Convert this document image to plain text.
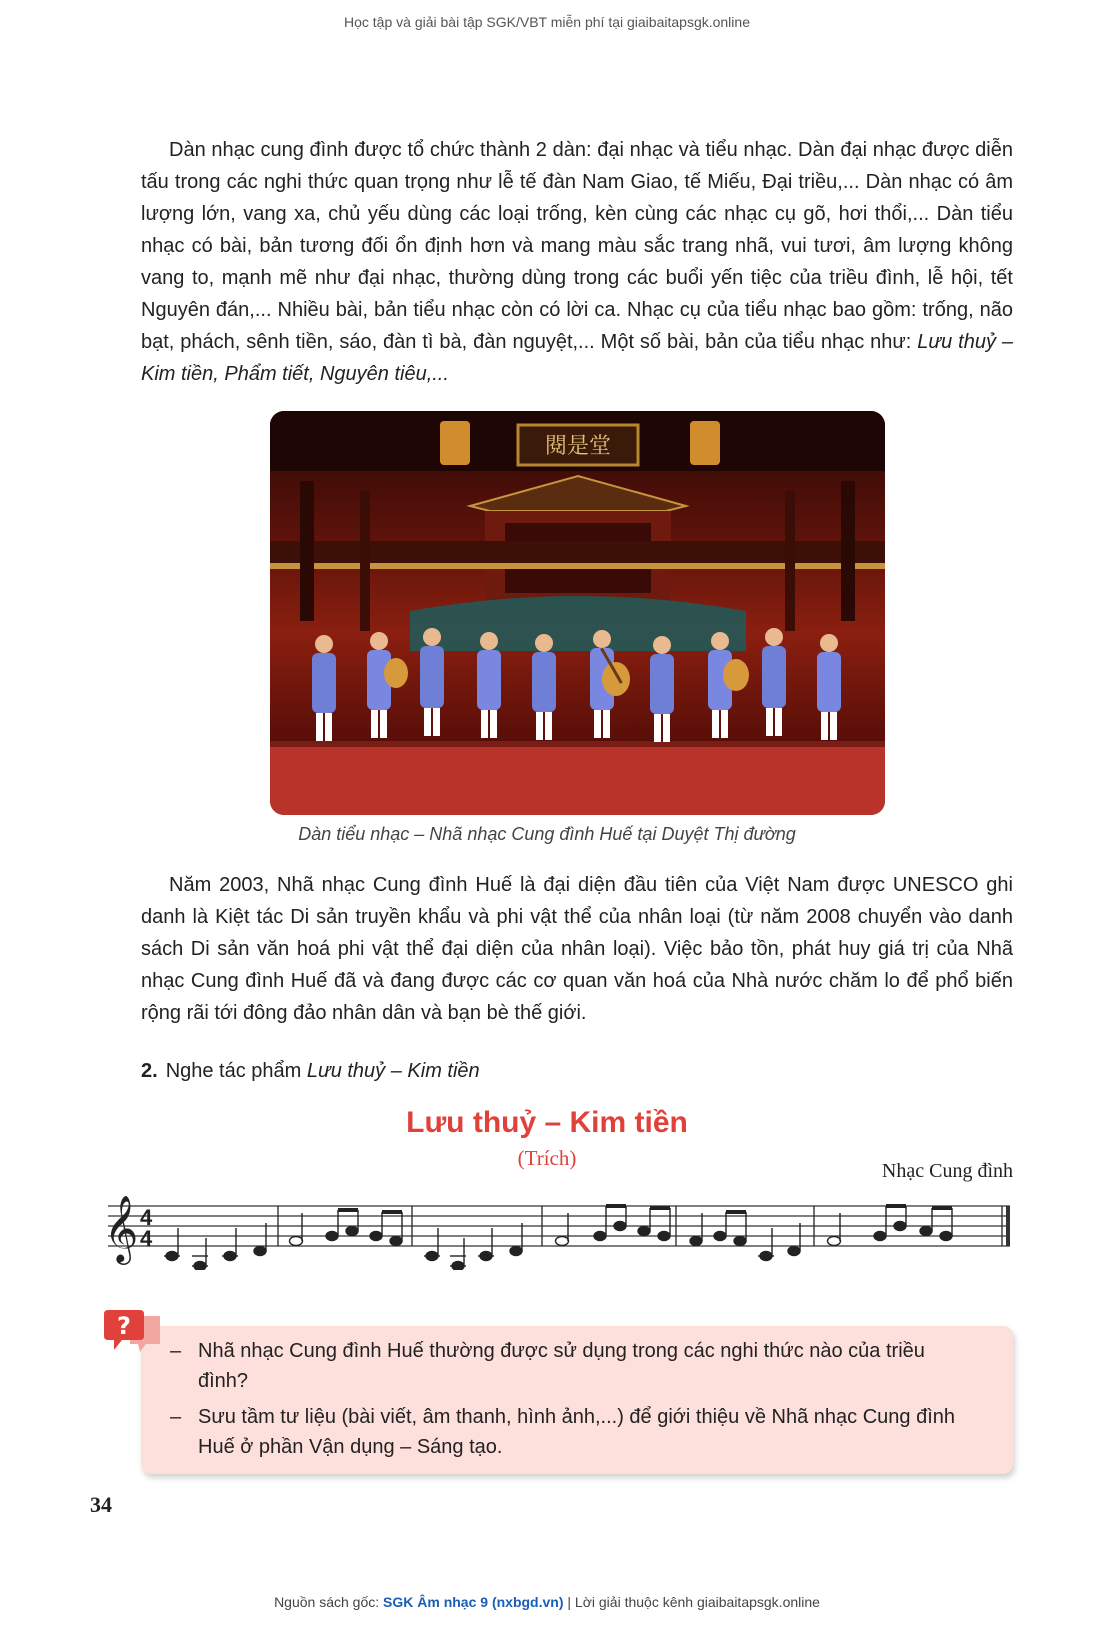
Học tập và giải bài tập SGK/VBT miễn phí tại giaibaitapsgk.online

Dàn nhạc cung đình được tổ chức thành 2 dàn: đại nhạc và tiểu nhạc. Dàn đại nhạc được diễn tấu trong các nghi thức quan trọng như lễ tế đàn Nam Giao, tế Miếu, Đại triều,... Dàn nhạc có âm lượng lớn, vang xa, chủ yếu dùng các loại trống, kèn cùng các nhạc cụ gõ, hơi thổi,... Dàn tiểu nhạc có bài, bản tương đối ổn định hơn và mang màu sắc trang nhã, vui tươi, âm lượng không vang to, mạnh mẽ như đại nhạc, thường dùng trong các buổi yến tiệc của triều đình, lễ hội, tết Nguyên đán,... Nhiều bài, bản tiểu nhạc còn có lời ca. Nhạc cụ của tiểu nhạc bao gồm: trống, não bạt, phách, sênh tiền, sáo, đàn tì bà, đàn nguyệt,... Một số bài, bản của tiểu nhạc như: Lưu thuỷ – Kim tiền, Phẩm tiết, Nguyên tiêu,...

閱是堂
Dàn tiểu nhạc – Nhã nhạc Cung đình Huế tại Duyệt Thị đường

Năm 2003, Nhã nhạc Cung đình Huế là đại diện đầu tiên của Việt Nam được UNESCO ghi danh là Kiệt tác Di sản truyền khẩu và phi vật thể của nhân loại (từ năm 2008 chuyển vào danh sách Di sản văn hoá phi vật thể đại diện của nhân loại). Việc bảo tồn, phát huy giá trị của Nhã nhạc Cung đình Huế đã và đang được các cơ quan văn hoá của Nhà nước chăm lo để phổ biến rộng rãi tới đông đảo nhân dân và bạn bè thế giới.

2. Nghe tác phẩm Lưu thuỷ – Kim tiền
Lưu thuỷ – Kim tiền
(Trích)
Nhạc Cung đình
𝄞 4
4
?
– Nhã nhạc Cung đình Huế thường được sử dụng trong các nghi thức nào của triều đình?
– Sưu tầm tư liệu (bài viết, âm thanh, hình ảnh,...) để giới thiệu về Nhã nhạc Cung đình Huế ở phần Vận dụng – Sáng tạo.
34
Nguồn sách gốc: SGK Âm nhạc 9 (nxbgd.vn) | Lời giải thuộc kênh giaibaitapsgk.online
